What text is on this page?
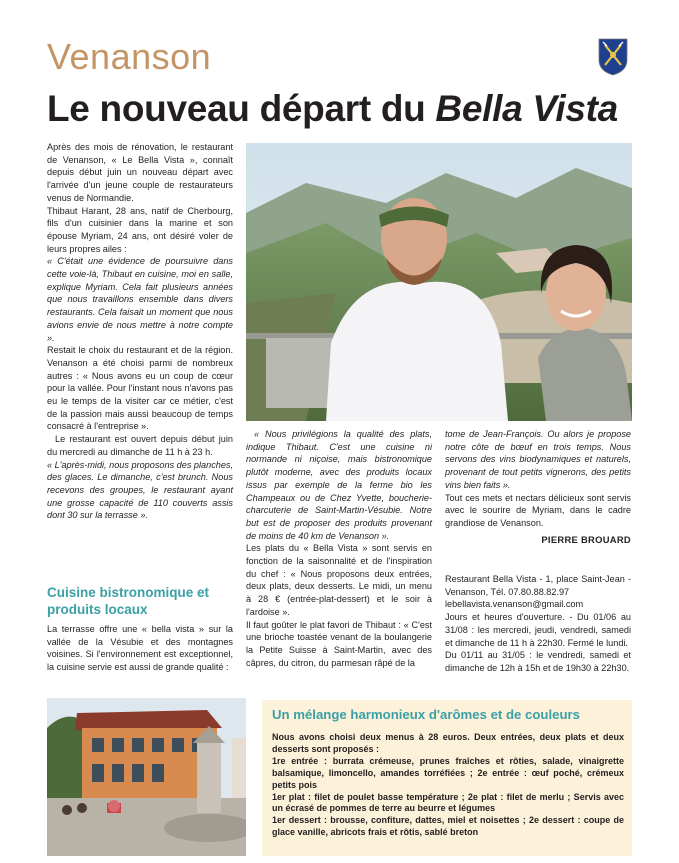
Venanson
Le nouveau départ du Bella Vista

Après des mois de rénovation, le restaurant de Venanson, « Le Bella Vista », connaît depuis début juin un nouveau départ avec l'arrivée d'un jeune couple de restaurateurs venus de Normandie.

Thibaut Harant, 28 ans, natif de Cherbourg, fils d'un cuisinier dans la marine et son épouse Myriam, 24 ans, ont désiré voler de leurs propres ailes :

« C'était une évidence de poursuivre dans cette voie-là, Thibaut en cuisine, moi en salle, explique Myriam. Cela fait plusieurs années que nous travaillons ensemble dans divers restaurants. Cela faisait un moment que nous avions envie de nous mettre à notre compte ».

Restait le choix du restaurant et de la région. Venanson a été choisi parmi de nombreux autres : « Nous avons eu un coup de cœur pour la vallée. Pour l'instant nous n'avons pas eu le temps de la visiter car ce métier, c'est de la passion mais aussi beaucoup de temps consacré à l'entreprise ».

Le restaurant est ouvert depuis début juin du mercredi au dimanche de 11 h à 23 h.

« L'après-midi, nous proposons des planches, des glaces. Le dimanche, c'est brunch. Nous recevons des groupes, le restaurant ayant une grosse capacité de 110 couverts assis dont 30 sur la terrasse ».

Cuisine bistronomique et produits locaux

La terrasse offre une « bella vista » sur la vallée de la Vésubie et des montagnes voisines. Si l'environnement est exceptionnel, la cuisine servie est aussi de grande qualité :

« Nous privilégions la qualité des plats, indique Thibaut. C'est une cuisine ni normande ni niçoise, mais bistronomique plutôt moderne, avec des produits locaux issus par exemple de la ferme bio les Champeaux ou de Chez Yvette, boucherie-charcuterie de Saint-Martin-Vésubie. Notre but est de proposer des produits provenant de moins de 40 km de Venanson ».

Les plats du « Bella Vista » sont servis en fonction de la saisonnalité et de l'inspiration du chef : « Nous proposons deux entrées, deux plats, deux desserts. Le midi, un menu à 28 € (entrée-plat-dessert) et le soir à l'ardoise ».

Il faut goûter le plat favori de Thibaut : « C'est une brioche toastée venant de la boulangerie la Petite Suisse à Saint-Martin, avec des câpres, du citron, du parmesan râpé de la

tome de Jean-François. Ou alors je propose notre côte de bœuf en trois temps. Nous servons des vins biodynamiques et naturels, provenant de tout petits vignerons, des petits vins bien faits ».

Tout ces mets et nectars délicieux sont servis avec le sourire de Myriam, dans le cadre grandiose de Venanson.

PIERRE BROUARD

Restaurant Bella Vista - 1, place Saint-Jean - Venanson, Tél. 07.80.88.82.97

lebellavista.venanson@gmail.com

Jours et heures d'ouverture. - Du 01/06 au 31/08 : les mercredi, jeudi, vendredi, samedi et dimanche de 11 h à 22h30. Fermé le lundi.

Du 01/11 au 31/05 : le vendredi, samedi et dimanche de 12h à 15h et de 19h30 à 22h30.

Un mélange harmonieux d'arômes et de couleurs

Nous avons choisi deux menus à 28 euros. Deux entrées, deux plats et deux desserts sont proposés :

1re entrée : burrata crémeuse, prunes fraîches et rôties, salade, vinaigrette balsamique, limoncello, amandes torréfiées ; 2e entrée : œuf poché, crémeux petits pois

1er plat : filet de poulet basse température ; 2e plat : filet de merlu ; Servis avec un écrasé de pommes de terre au beurre et légumes

1er dessert : brousse, confiture, dattes, miel et noisettes ; 2e dessert : coupe de glace vanille, abricots frais et rôtis, sablé breton
